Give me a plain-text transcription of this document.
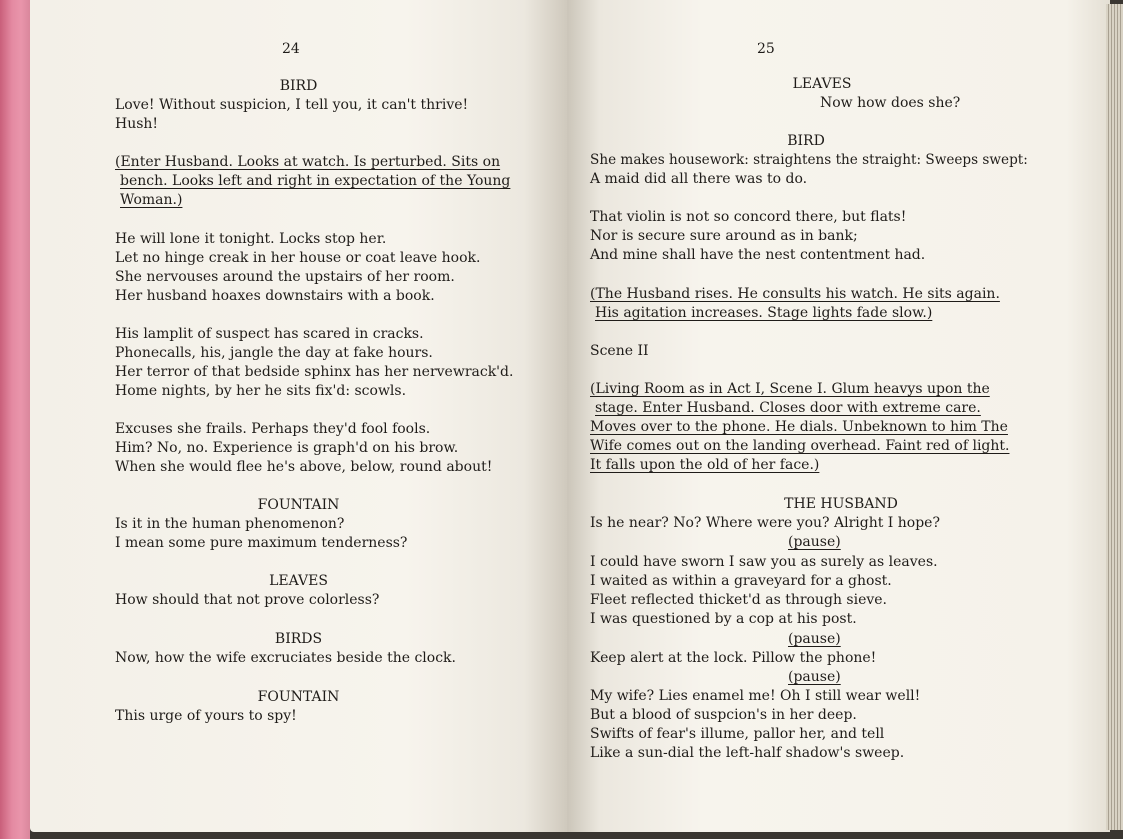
24
BIRD
Love! Without suspicion, I tell you, it can't thrive!
Hush!
(Enter Husband. Looks at watch. Is perturbed. Sits on
bench. Looks left and right in expectation of the Young
Woman.)
He will lone it tonight. Locks stop her.
Let no hinge creak in her house or coat leave hook.
She nervouses around the upstairs of her room.
Her husband hoaxes downstairs with a book.
His lamplit of suspect has scared in cracks.
Phonecalls, his, jangle the day at fake hours.
Her terror of that bedside sphinx has her nervewrack'd.
Home nights, by her he sits fix'd: scowls.
Excuses she frails. Perhaps they'd fool fools.
Him? No, no. Experience is graph'd on his brow.
When she would flee he's above, below, round about!
FOUNTAIN
Is it in the human phenomenon?
I mean some pure maximum tenderness?
LEAVES
How should that not prove colorless?
BIRDS
Now, how the wife excruciates beside the clock.
FOUNTAIN
This urge of yours to spy!
25
LEAVES
Now how does she?
BIRD
She makes housework: straightens the straight: Sweeps swept:
A maid did all there was to do.
That violin is not so concord there, but flats!
Nor is secure sure around as in bank;
And mine shall have the nest contentment had.
(The Husband rises. He consults his watch. He sits again.
His agitation increases. Stage lights fade slow.)
Scene II
(Living Room as in Act I, Scene I. Glum heavys upon the
stage. Enter Husband. Closes door with extreme care.
Moves over to the phone. He dials. Unbeknown to him The
Wife comes out on the landing overhead. Faint red of light.
It falls upon the old of her face.)
THE HUSBAND
Is he near? No? Where were you? Alright I hope?
(pause)
I could have sworn I saw you as surely as leaves.
I waited as within a graveyard for a ghost.
Fleet reflected thicket'd as through sieve.
I was questioned by a cop at his post.
(pause)
Keep alert at the lock. Pillow the phone!
(pause)
My wife? Lies enamel me! Oh I still wear well!
But a blood of suspcion's in her deep.
Swifts of fear's illume, pallor her, and tell
Like a sun-dial the left-half shadow's sweep.
